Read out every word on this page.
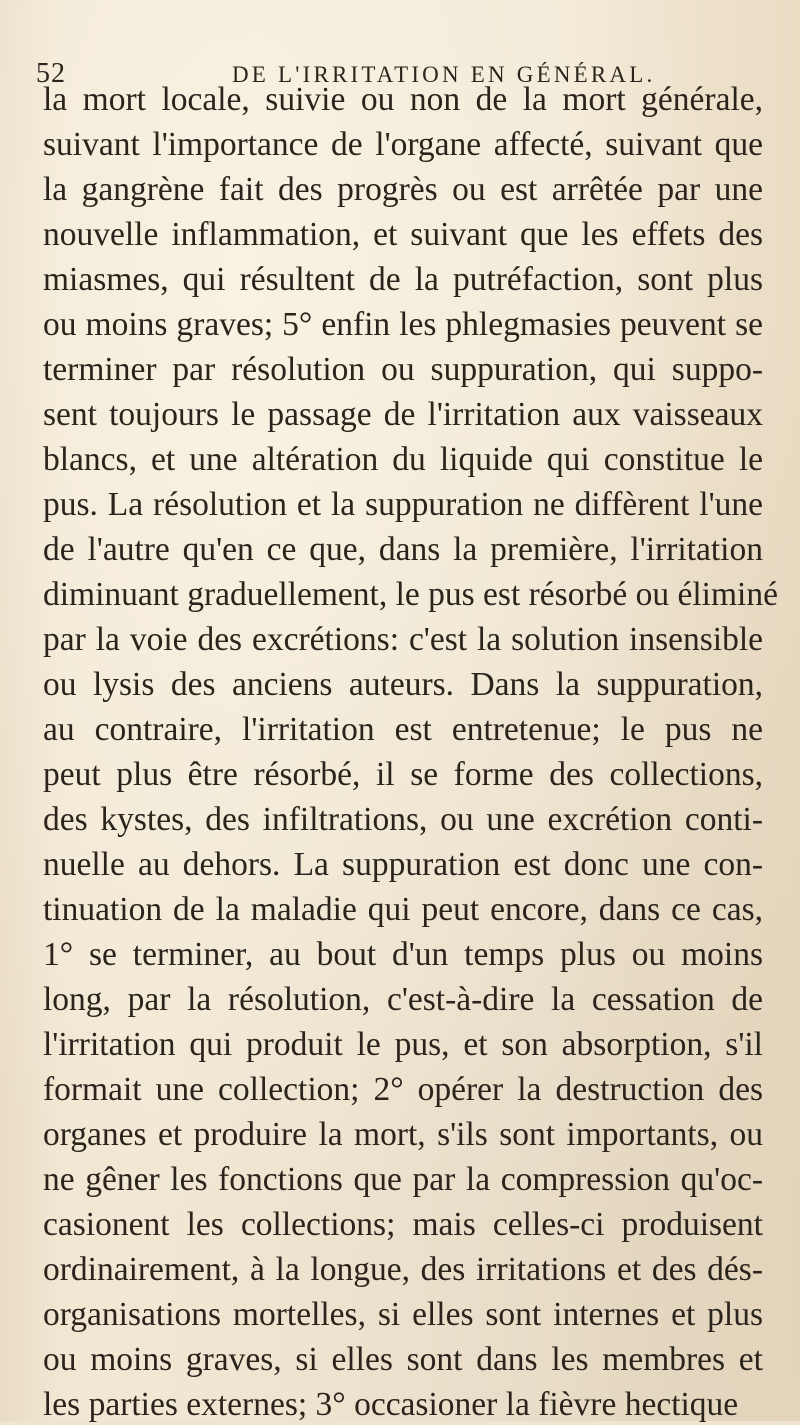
52	DE L'IRRITATION EN GÉNÉRAL.
la mort locale, suivie ou non de la mort générale,
suivant l'importance de l'organe affecté, suivant que
la gangrène fait des progrès ou est arrêtée par une
nouvelle inflammation, et suivant que les effets des
miasmes, qui résultent de la putréfaction, sont plus
ou moins graves; 5° enfin les phlegmasies peuvent se
terminer par résolution ou suppuration, qui suppo-
sent toujours le passage de l'irritation aux vaisseaux
blancs, et une altération du liquide qui constitue le
pus. La résolution et la suppuration ne diffèrent l'une
de l'autre qu'en ce que, dans la première, l'irritation
diminuant graduellement, le pus est résorbé ou éliminé
par la voie des excrétions: c'est la solution insensible
ou lysis des anciens auteurs. Dans la suppuration,
au contraire, l'irritation est entretenue; le pus ne
peut plus être résorbé, il se forme des collections,
des kystes, des infiltrations, ou une excrétion conti-
nuelle au dehors. La suppuration est donc une con-
tinuation de la maladie qui peut encore, dans ce cas,
1° se terminer, au bout d'un temps plus ou moins
long, par la résolution, c'est-à-dire la cessation de
l'irritation qui produit le pus, et son absorption, s'il
formait une collection; 2° opérer la destruction des
organes et produire la mort, s'ils sont importants, ou
ne gêner les fonctions que par la compression qu'oc-
casionent les collections; mais celles-ci produisent
ordinairement, à la longue, des irritations et des dés-
organisations mortelles, si elles sont internes et plus
ou moins graves, si elles sont dans les membres et
les parties externes; 3° occasioner la fièvre hectique
